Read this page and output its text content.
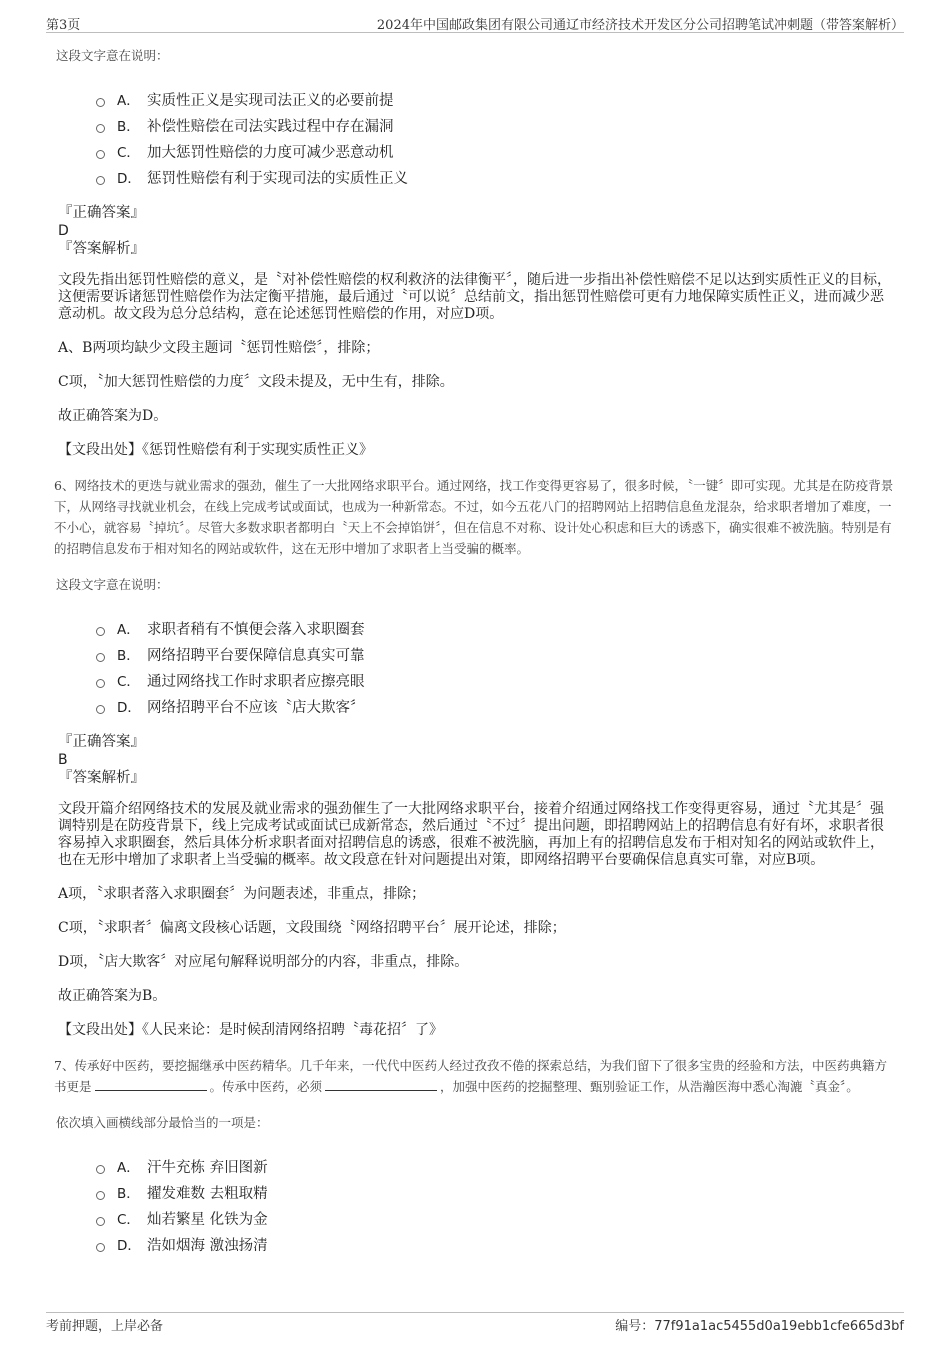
第3页	2024年中国邮政集团有限公司通辽市经济技术开发区分公司招聘笔试冲刺题（带答案解析）
这段文字意在说明：
A． 实质性正义是实现司法正义的必要前提
B． 补偿性赔偿在司法实践过程中存在漏洞
C． 加大惩罚性赔偿的力度可减少恶意动机
D． 惩罚性赔偿有利于实现司法的实质性正义
『正确答案』
D
『答案解析』
文段先指出惩罚性赔偿的意义，是〝对补偿性赔偿的权利救济的法律衡平〞，随后进一步指出补偿性赔偿不足以达到实质性正义的目标，这便需要诉诸惩罚性赔偿作为法定衡平措施，最后通过〝可以说〞总结前文，指出惩罚性赔偿可更有力地保障实质性正义，进而减少恶意动机。故文段为总分总结构，意在论述惩罚性赔偿的作用，对应D项。
A、B两项均缺少文段主题词〝惩罚性赔偿〞，排除；
C项，〝加大惩罚性赔偿的力度〞文段未提及，无中生有，排除。
故正确答案为D。
【文段出处】《惩罚性赔偿有利于实现实质性正义》
6、网络技术的更迭与就业需求的强劲，催生了一大批网络求职平台。通过网络，找工作变得更容易了，很多时候，〝一键〞即可实现。尤其是在防疫背景下，从网络寻找就业机会，在线上完成考试或面试，也成为一种新常态。不过，如今五花八门的招聘网站上招聘信息鱼龙混杂，给求职者增加了难度，一不小心，就容易〝掉坑〞。尽管大多数求职者都明白〝天上不会掉馅饼〞，但在信息不对称、设计处心积虑和巨大的诱惑下，确实很难不被洗脑。特别是有的招聘信息发布于相对知名的网站或软件，这在无形中增加了求职者上当受骗的概率。
这段文字意在说明：
A． 求职者稍有不慎便会落入求职圈套
B． 网络招聘平台要保障信息真实可靠
C． 通过网络找工作时求职者应擦亮眼
D． 网络招聘平台不应该〝店大欺客〞
『正确答案』
B
『答案解析』
文段开篇介绍网络技术的发展及就业需求的强劲催生了一大批网络求职平台，接着介绍通过网络找工作变得更容易，通过〝尤其是〞强调特别是在防疫背景下，线上完成考试或面试已成新常态，然后通过〝不过〞提出问题，即招聘网站上的招聘信息有好有坏，求职者很容易掉入求职圈套，然后具体分析求职者面对招聘信息的诱惑，很难不被洗脑，再加上有的招聘信息发布于相对知名的网站或软件上，也在无形中增加了求职者上当受骗的概率。故文段意在针对问题提出对策，即网络招聘平台要确保信息真实可靠，对应B项。
A项，〝求职者落入求职圈套〞为问题表述，非重点，排除；
C项，〝求职者〞偏离文段核心话题，文段围绕〝网络招聘平台〞展开论述，排除；
D项，〝店大欺客〞对应尾句解释说明部分的内容，非重点，排除。
故正确答案为B。
【文段出处】《人民来论：是时候刮清网络招聘〝毒花招〞了》
7、传承好中医药，要挖掘继承中医药精华。几千年来，一代代中医药人经过孜孜不倦的探索总结，为我们留下了很多宝贵的经验和方法，中医药典籍方书更是	。传承中医药，必须	，加强中医药的挖掘整理、甄别验证工作，从浩瀚医海中悉心淘漉〝真金〞。
依次填入画横线部分最恰当的一项是：
A． 汗牛充栋 弃旧图新
B． 擢发难数 去粗取精
C． 灿若繁星 化铁为金
D． 浩如烟海 激浊扬清
考前押题，上岸必备	编号：77f91a1ac5455d0a19ebb1cfe665d3bf
